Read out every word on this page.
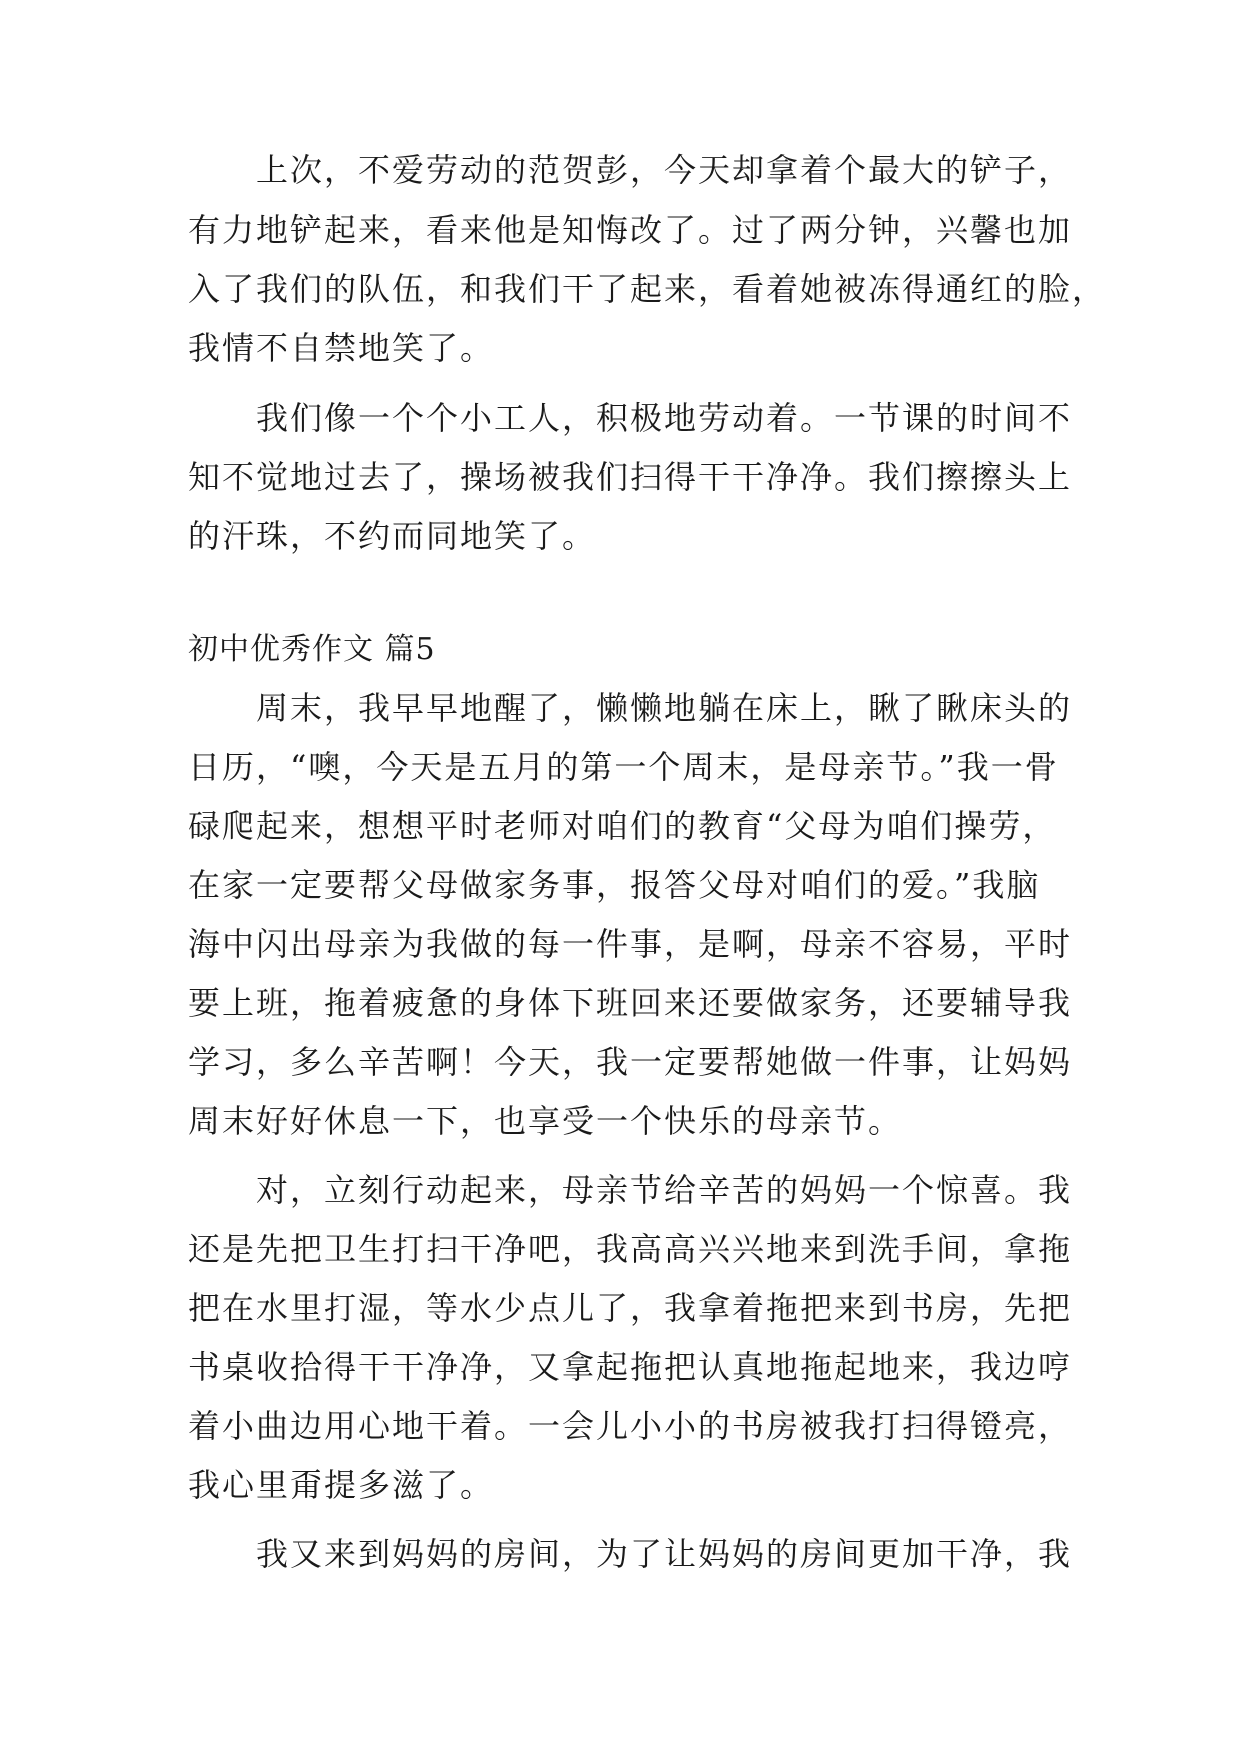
上次，不爱劳动的范贺彭，今天却拿着个最大的铲子，
有力地铲起来，看来他是知悔改了。过了两分钟，兴馨也加
入了我们的队伍，和我们干了起来，看着她被冻得通红的脸，
我情不自禁地笑了。
我们像一个个小工人，积极地劳动着。一节课的时间不
知不觉地过去了，操场被我们扫得干干净净。我们擦擦头上
的汗珠，不约而同地笑了。
初中优秀作文 篇5
周末，我早早地醒了，懒懒地躺在床上，瞅了瞅床头的
日历，“噢，今天是五月的第一个周末，是母亲节。”我一骨
碌爬起来，想想平时老师对咱们的教育“父母为咱们操劳，
在家一定要帮父母做家务事，报答父母对咱们的爱。”我脑
海中闪出母亲为我做的每一件事，是啊，母亲不容易，平时
要上班，拖着疲惫的身体下班回来还要做家务，还要辅导我
学习，多么辛苦啊！今天，我一定要帮她做一件事，让妈妈
周末好好休息一下，也享受一个快乐的母亲节。
对，立刻行动起来，母亲节给辛苦的妈妈一个惊喜。我
还是先把卫生打扫干净吧，我高高兴兴地来到洗手间，拿拖
把在水里打湿，等水少点儿了，我拿着拖把来到书房，先把
书桌收拾得干干净净，又拿起拖把认真地拖起地来，我边哼
着小曲边用心地干着。一会儿小小的书房被我打扫得镫亮，
我心里甭提多滋了。
我又来到妈妈的房间，为了让妈妈的房间更加干净，我
